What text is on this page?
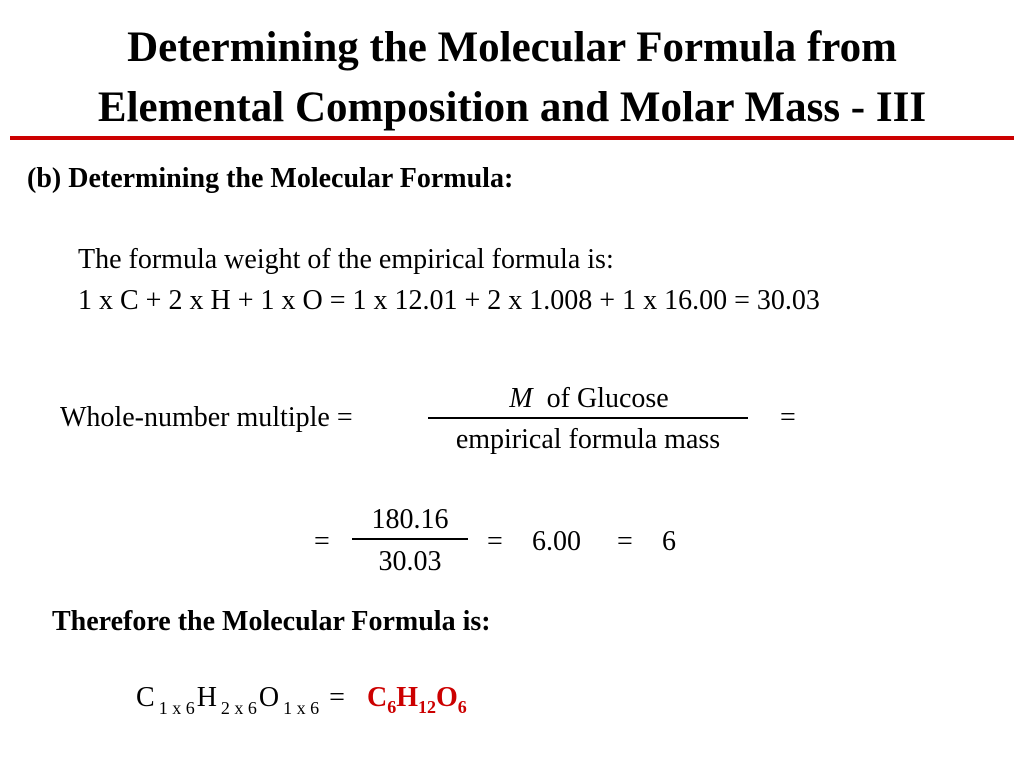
Determining the Molecular Formula from
Elemental Composition and Molar Mass - III
(b) Determining the Molecular Formula:
The formula weight of the empirical formula is:
1 x C + 2 x H + 1 x O = 1 x 12.01 + 2 x 1.008 + 1 x 16.00 = 30.03
Whole-number multiple =
M of Glucose
empirical formula mass
=
=
180.16
30.03
= 6.00 = 6
Therefore the Molecular Formula is:
C $_{1 x 6}$H $_{2 x 6}$O $_{1 x 6} = C_6H_{12}O_6$
